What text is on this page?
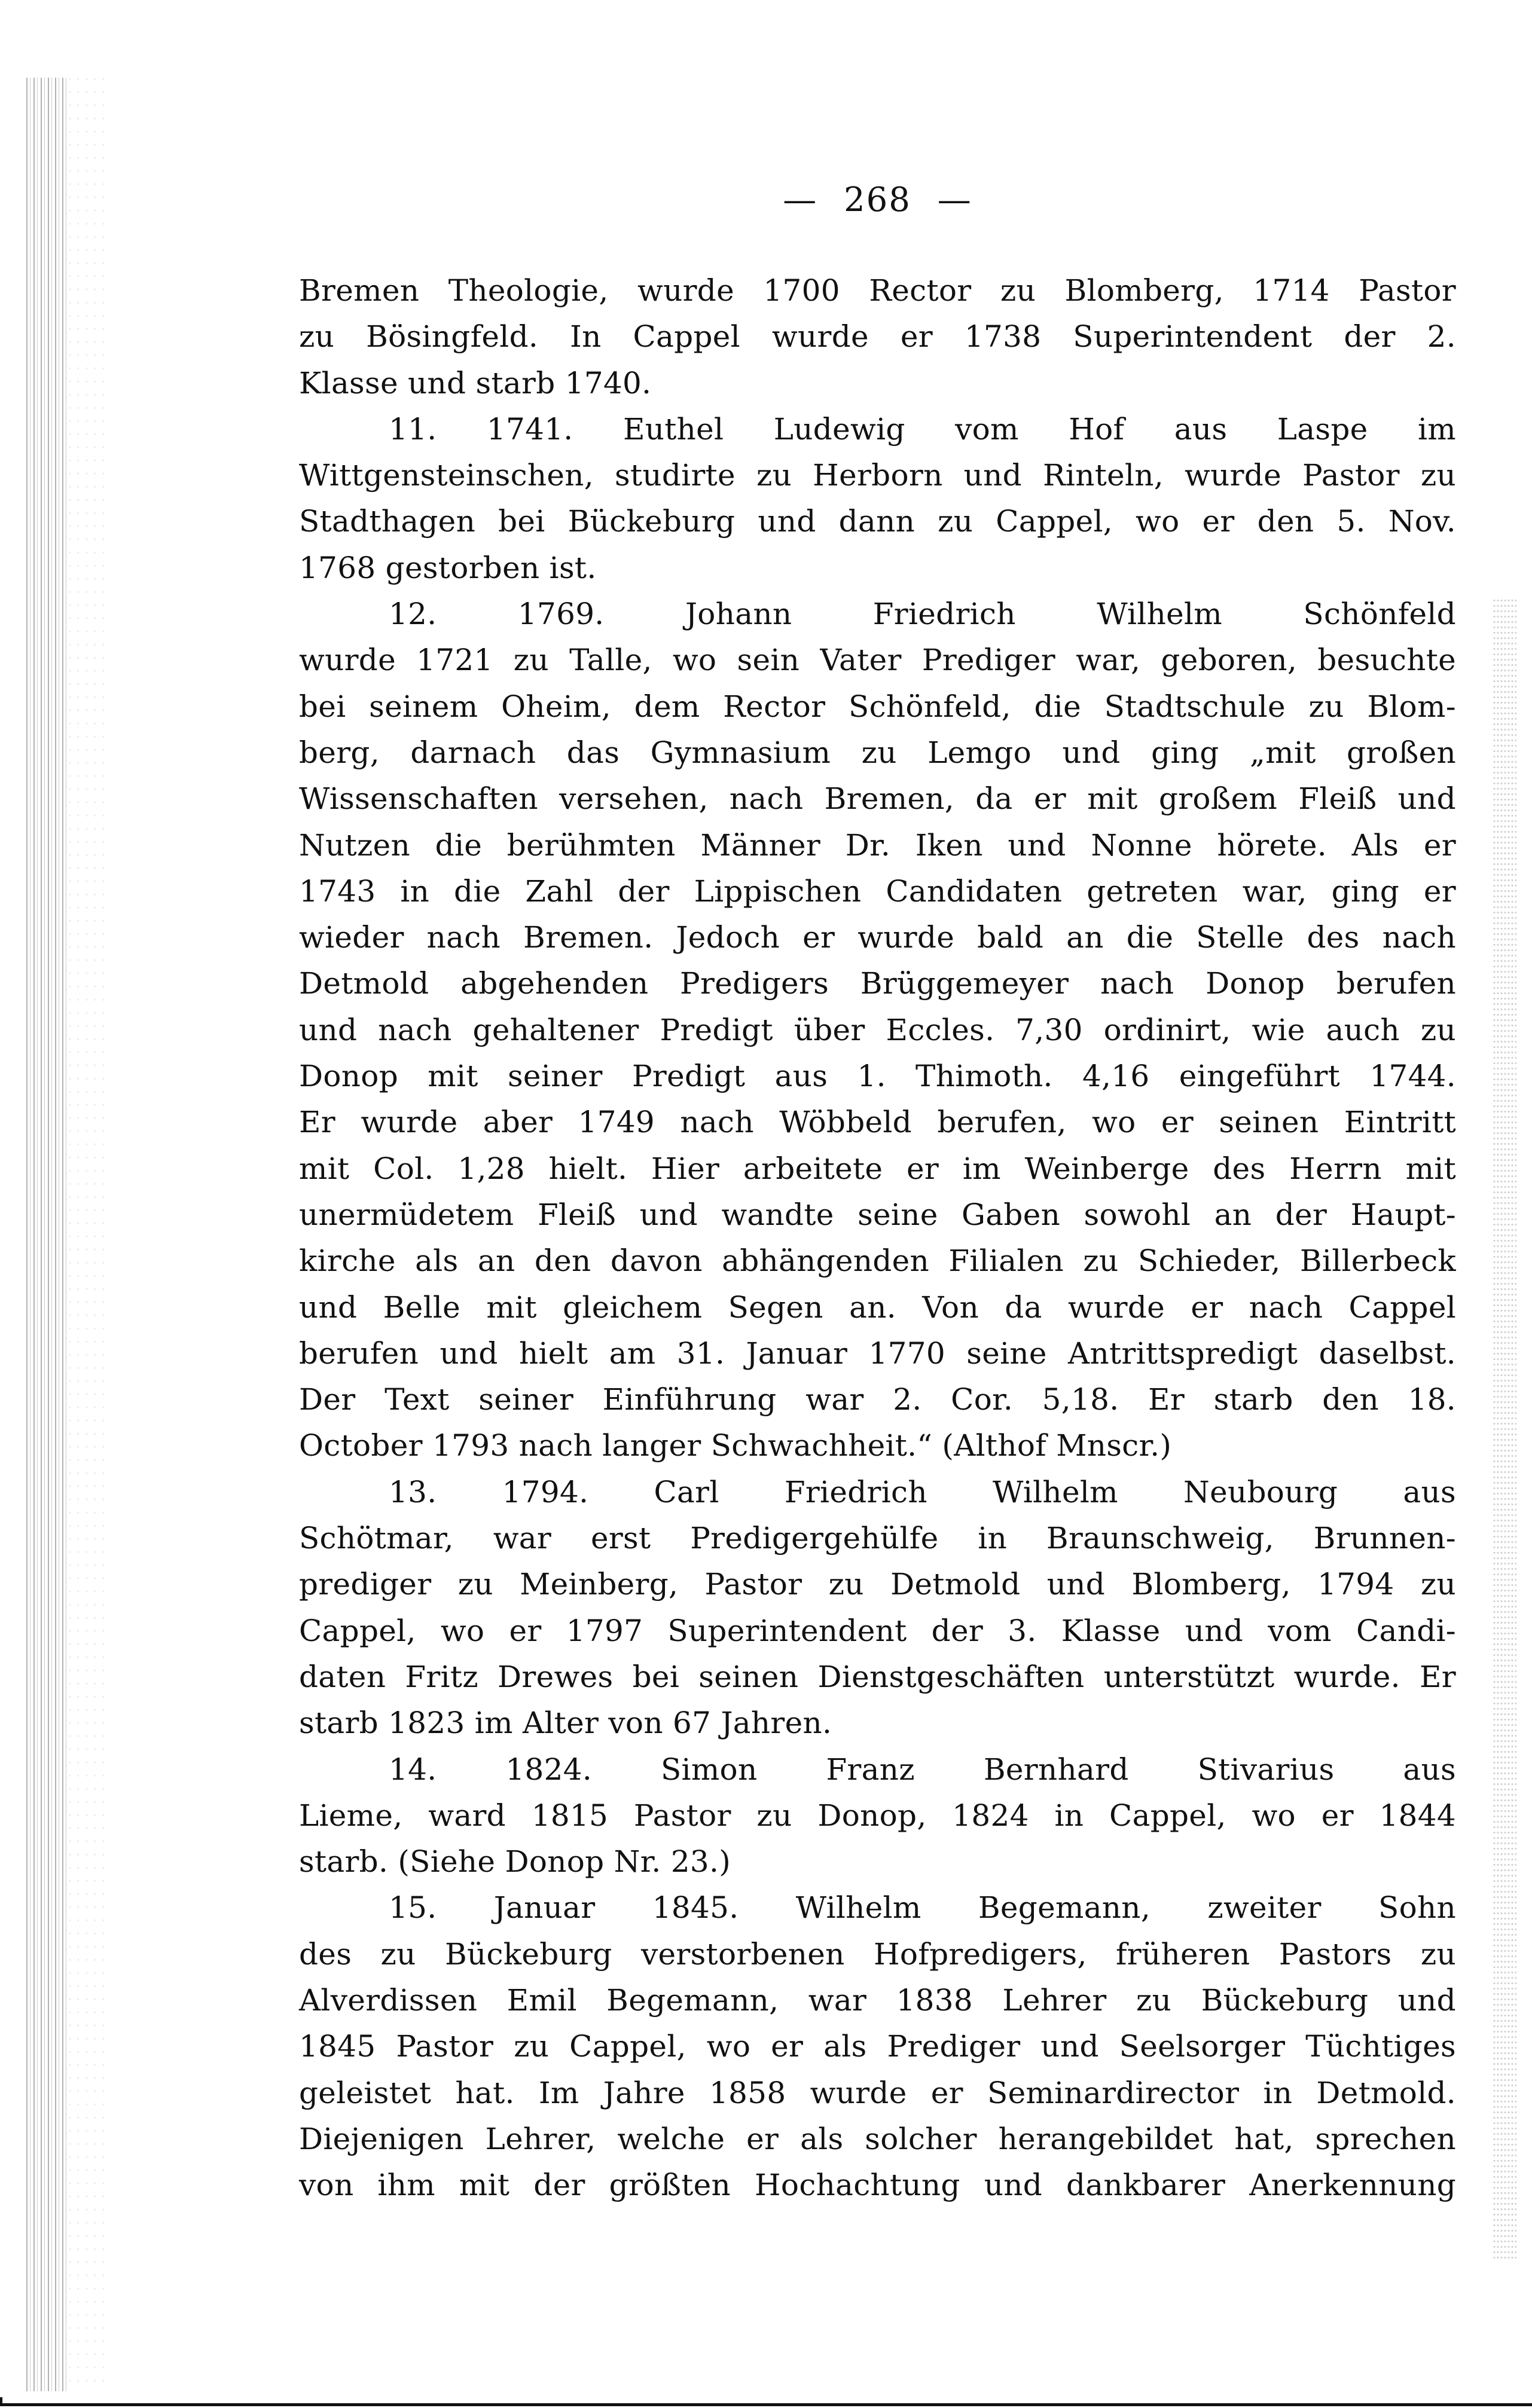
— 268 —
Bremen Theologie, wurde 1700 Rector zu Blomberg, 1714 Pastor
zu Bösingfeld. In Cappel wurde er 1738 Superintendent der 2.
Klasse und starb 1740.
11. 1741. Euthel Ludewig vom Hof aus Laspe im
Wittgensteinschen, studirte zu Herborn und Rinteln, wurde Pastor zu
Stadthagen bei Bückeburg und dann zu Cappel, wo er den 5. Nov.
1768 gestorben ist.
12. 1769. Johann Friedrich Wilhelm Schönfeld
wurde 1721 zu Talle, wo sein Vater Prediger war, geboren, besuchte
bei seinem Oheim, dem Rector Schönfeld, die Stadtschule zu Blom-
berg, darnach das Gymnasium zu Lemgo und ging „mit großen
Wissenschaften versehen, nach Bremen, da er mit großem Fleiß und
Nutzen die berühmten Männer Dr. Iken und Nonne hörete. Als er
1743 in die Zahl der Lippischen Candidaten getreten war, ging er
wieder nach Bremen. Jedoch er wurde bald an die Stelle des nach
Detmold abgehenden Predigers Brüggemeyer nach Donop berufen
und nach gehaltener Predigt über Eccles. 7,30 ordinirt, wie auch zu
Donop mit seiner Predigt aus 1. Thimoth. 4,16 eingeführt 1744.
Er wurde aber 1749 nach Wöbbeld berufen, wo er seinen Eintritt
mit Col. 1,28 hielt. Hier arbeitete er im Weinberge des Herrn mit
unermüdetem Fleiß und wandte seine Gaben sowohl an der Haupt-
kirche als an den davon abhängenden Filialen zu Schieder, Billerbeck
und Belle mit gleichem Segen an. Von da wurde er nach Cappel
berufen und hielt am 31. Januar 1770 seine Antrittspredigt daselbst.
Der Text seiner Einführung war 2. Cor. 5,18. Er starb den 18.
October 1793 nach langer Schwachheit.“ (Althof Mnscr.)
13. 1794. Carl Friedrich Wilhelm Neubourg aus
Schötmar, war erst Predigergehülfe in Braunschweig, Brunnen-
prediger zu Meinberg, Pastor zu Detmold und Blomberg, 1794 zu
Cappel, wo er 1797 Superintendent der 3. Klasse und vom Candi-
daten Fritz Drewes bei seinen Dienstgeschäften unterstützt wurde. Er
starb 1823 im Alter von 67 Jahren.
14. 1824. Simon Franz Bernhard Stivarius aus
Lieme, ward 1815 Pastor zu Donop, 1824 in Cappel, wo er 1844
starb. (Siehe Donop Nr. 23.)
15. Januar 1845. Wilhelm Begemann, zweiter Sohn
des zu Bückeburg verstorbenen Hofpredigers, früheren Pastors zu
Alverdissen Emil Begemann, war 1838 Lehrer zu Bückeburg und
1845 Pastor zu Cappel, wo er als Prediger und Seelsorger Tüchtiges
geleistet hat. Im Jahre 1858 wurde er Seminardirector in Detmold.
Diejenigen Lehrer, welche er als solcher herangebildet hat, sprechen
von ihm mit der größten Hochachtung und dankbarer Anerkennung
